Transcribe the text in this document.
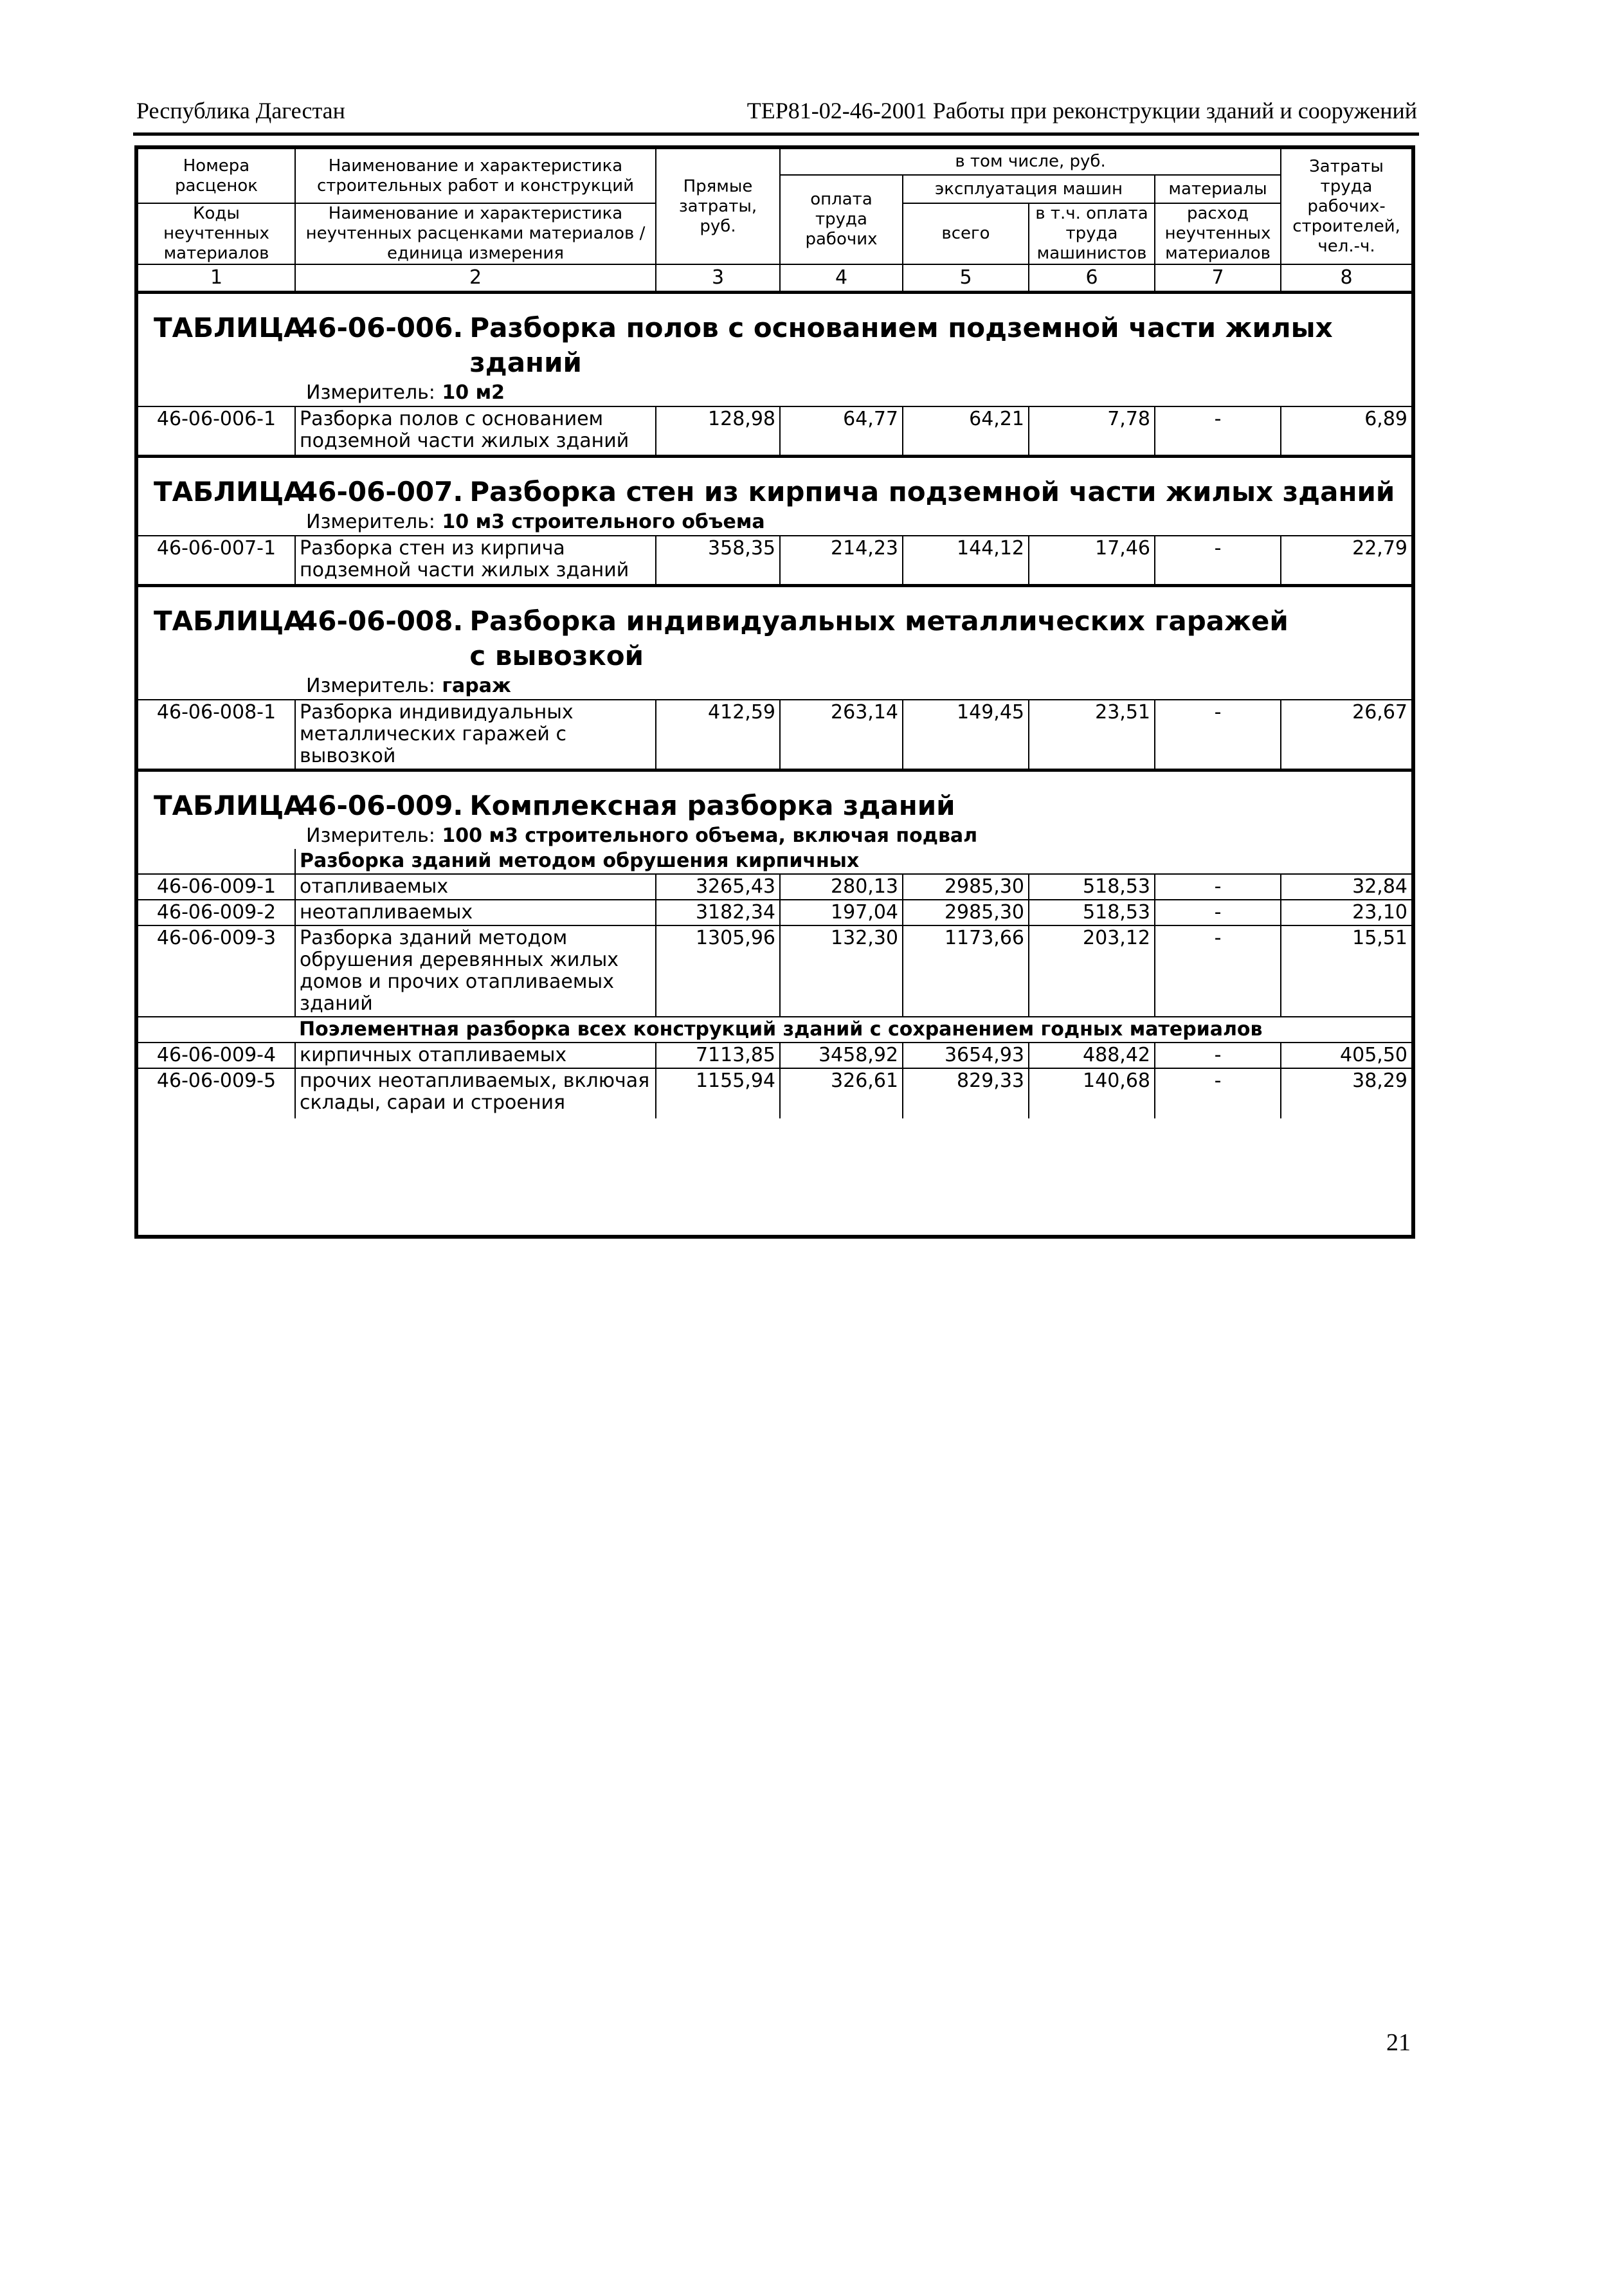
Республика Дагестан	ТЕР81-02-46-2001 Работы при реконструкции зданий и сооружений
Номера расценок	Наименование и характеристика строительных работ и конструкций	Прямые затраты, руб.	в том числе, руб.				Затраты труда рабочих-строителей, чел.-ч.
			оплата труда рабочих	эксплуатация машин		материалы	
Коды неучтенных материалов	Наименование и характеристика неучтенных расценками материалов / единица измерения			всего	в т.ч. оплата труда машинистов	расход неучтенных материалов	

1	2	3	4	5	6	7	8
ТАБЛИЦА
46-06-006. Разборка полов с основанием подземной части жилых
зданий
Измеритель: 10 м2
46-06-006-1	Разборка полов с основанием подземной части жилых зданий	128,98	64,77	64,21	7,78	-	6,89
ТАБЛИЦА
46-06-007. Разборка стен из кирпича подземной части жилых зданий
Измеритель: 10 м3 строительного объема
46-06-007-1	Разборка стен из кирпича подземной части жилых зданий	358,35	214,23	144,12	17,46	-	22,79
ТАБЛИЦА
46-06-008. Разборка индивидуальных металлических гаражей
с вывозкой
Измеритель: гараж
46-06-008-1	Разборка индивидуальных металлических гаражей с вывозкой	412,59	263,14	149,45	23,51	-	26,67
ТАБЛИЦА
46-06-009. Комплексная разборка зданий
Измеритель: 100 м3 строительного объема, включая подвал
	Разборка зданий методом обрушения кирпичных						
46-06-009-1	отапливаемых	3265,43	280,13	2985,30	518,53	-	32,84
46-06-009-2	неотапливаемых	3182,34	197,04	2985,30	518,53	-	23,10
46-06-009-3	Разборка зданий методом обрушения деревянных жилых домов и прочих отапливаемых зданий	1305,96	132,30	1173,66	203,12	-	15,51
	Поэлементная разборка всех конструкций зданий с сохранением годных материалов						
46-06-009-4	кирпичных отапливаемых	7113,85	3458,92	3654,93	488,42	-	405,50
46-06-009-5	прочих неотапливаемых, включая склады, сараи и строения	1155,94	326,61	829,33	140,68	-	38,29
21
